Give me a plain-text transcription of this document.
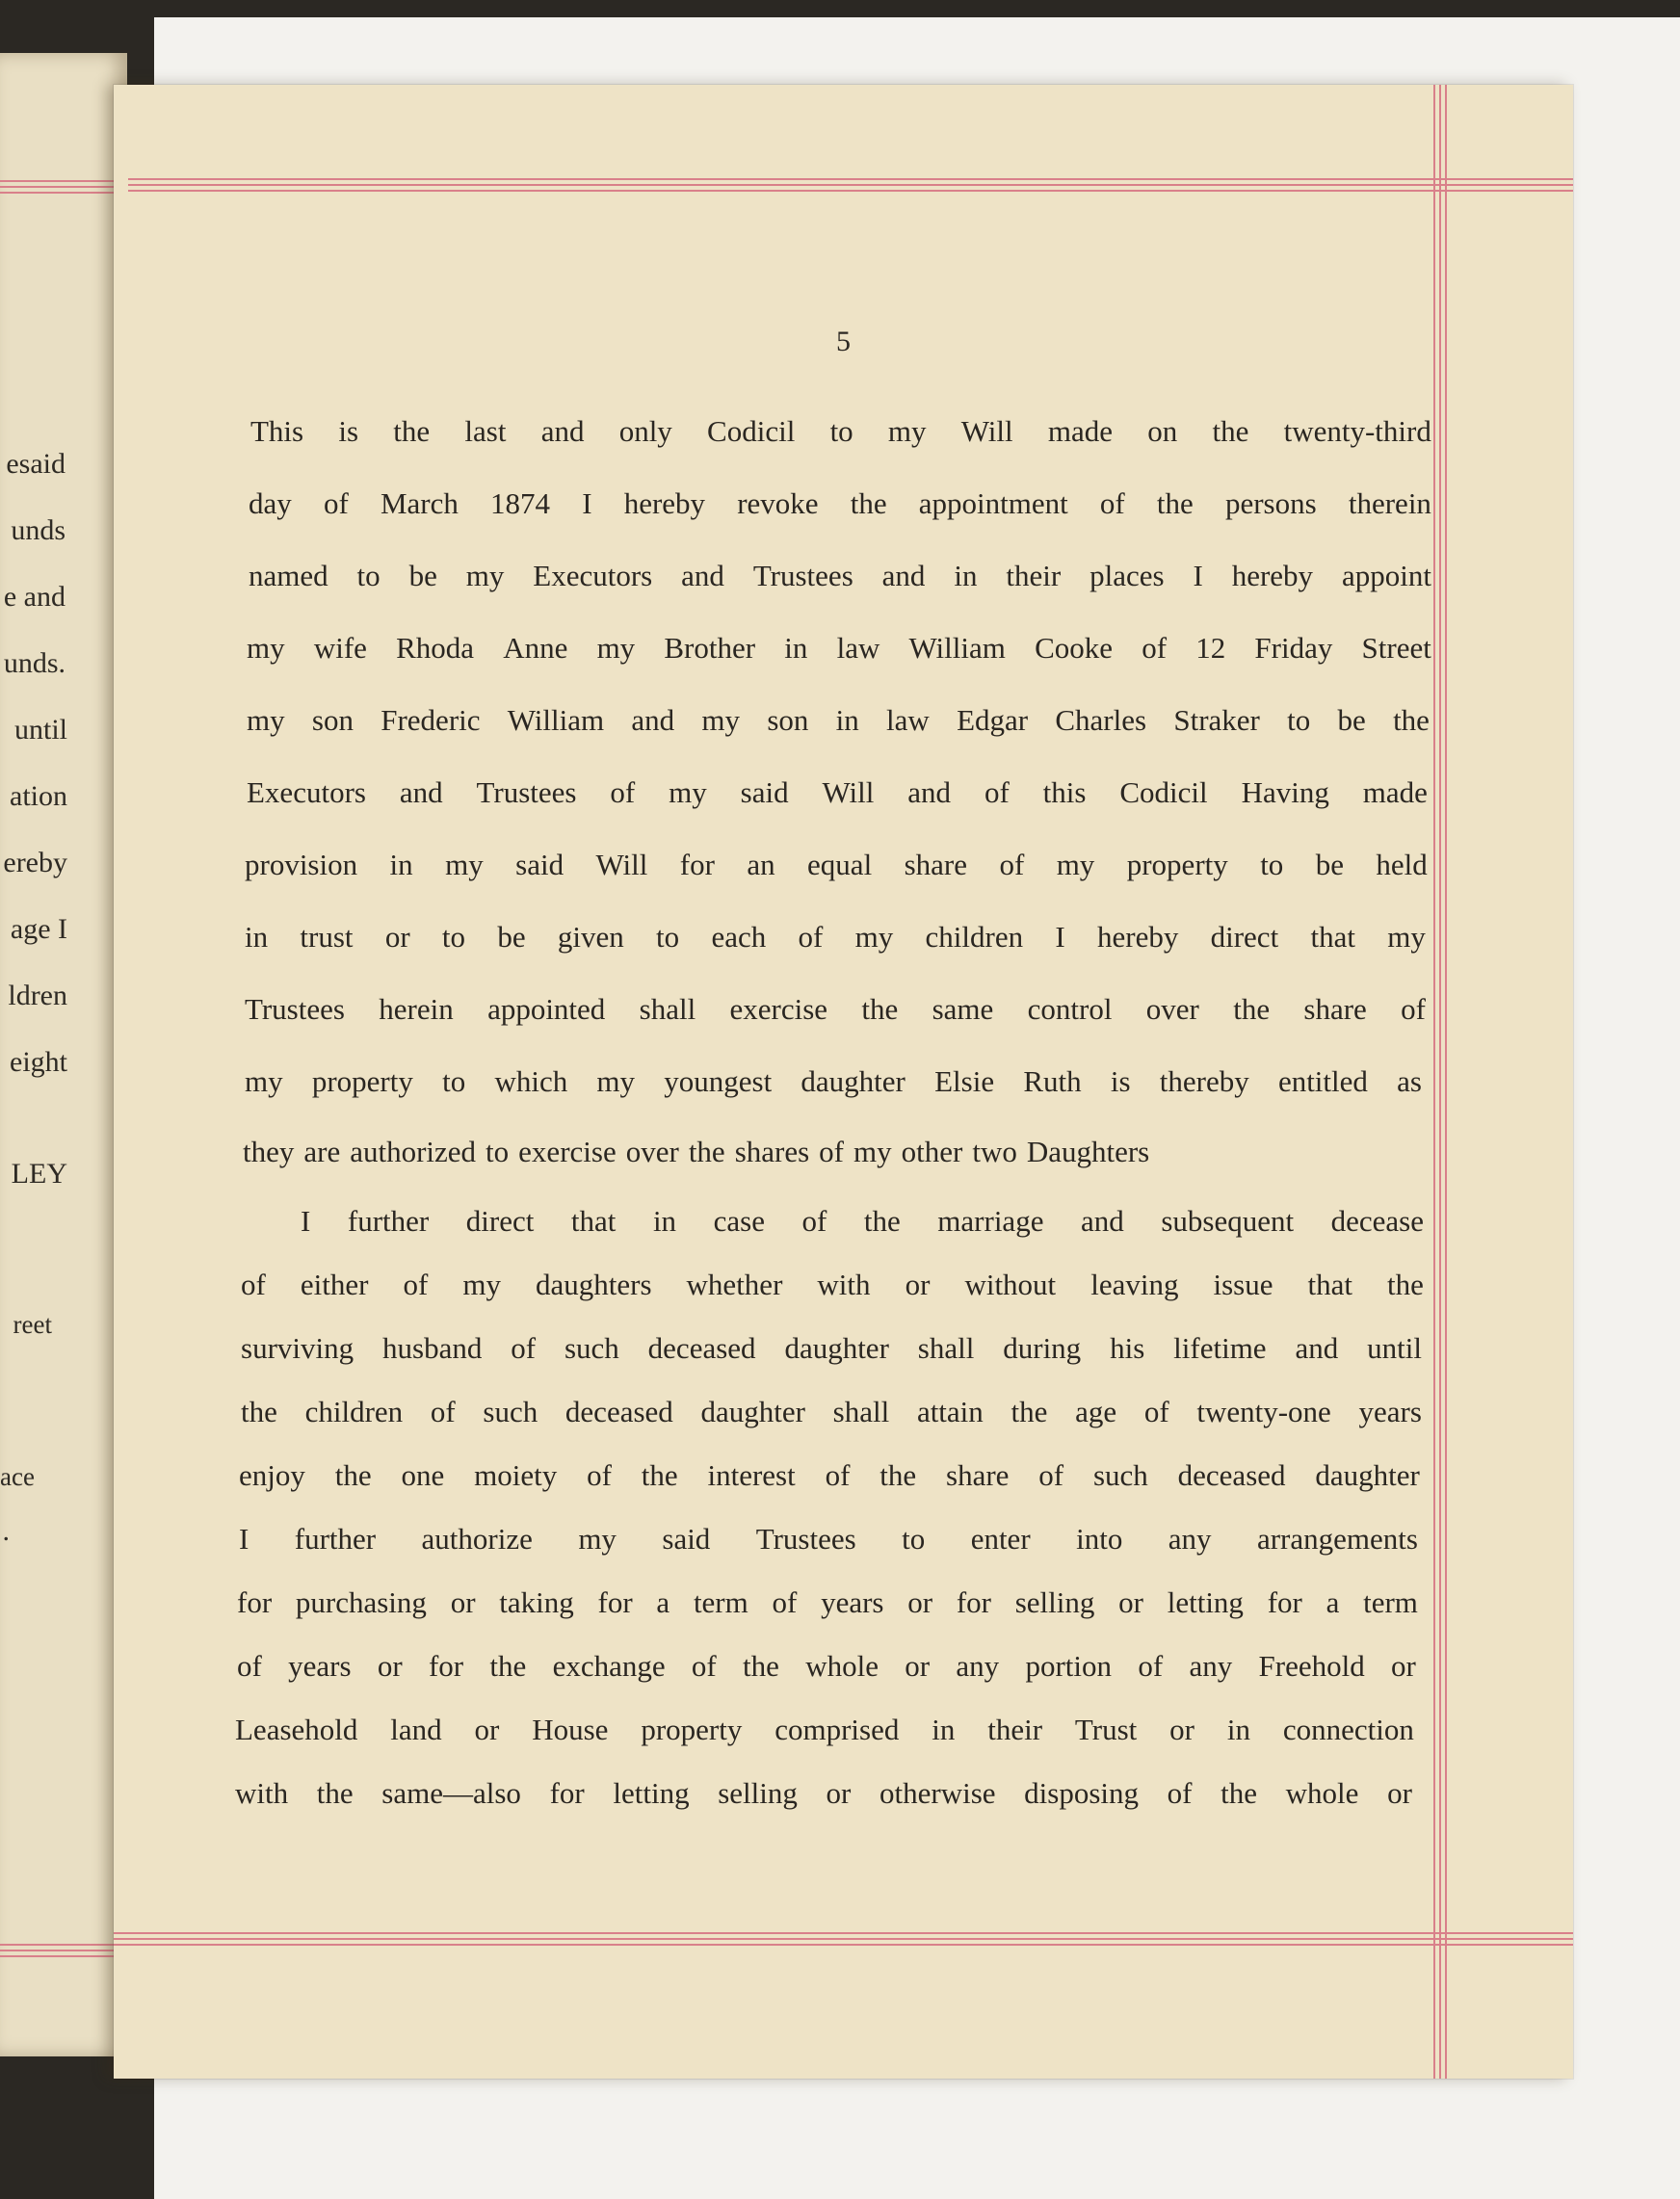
esaid
unds
e and
unds.
until
ation
ereby
age I
ldren
eight
LEY
reet
ace
.
5
This is the last and only Codicil to my Will made on the twenty-third
day of March 1874 I hereby revoke the appointment of the persons therein
named to be my Executors and Trustees and in their places I hereby appoint
my wife Rhoda Anne my Brother in law William Cooke of 12 Friday Street
my son Frederic William and my son in law Edgar Charles Straker to be the
Executors and Trustees of my said Will and of this Codicil Having made
provision in my said Will for an equal share of my property to be held
in trust or to be given to each of my children I hereby direct that my
Trustees herein appointed shall exercise the same control over the share of
my property to which my youngest daughter Elsie Ruth is thereby entitled as
they are authorized to exercise over the shares of my other two Daughters
I further direct that in case of the marriage and subsequent decease
of either of my daughters whether with or without leaving issue that the
surviving husband of such deceased daughter shall during his lifetime and until
the children of such deceased daughter shall attain the age of twenty-one years
enjoy the one moiety of the interest of the share of such deceased daughter
I further authorize my said Trustees to enter into any arrangements
for purchasing or taking for a term of years or for selling or letting for a term
of years or for the exchange of the whole or any portion of any Freehold or
Leasehold land or House property comprised in their Trust or in connection
with the same—also for letting selling or otherwise disposing of the whole or
